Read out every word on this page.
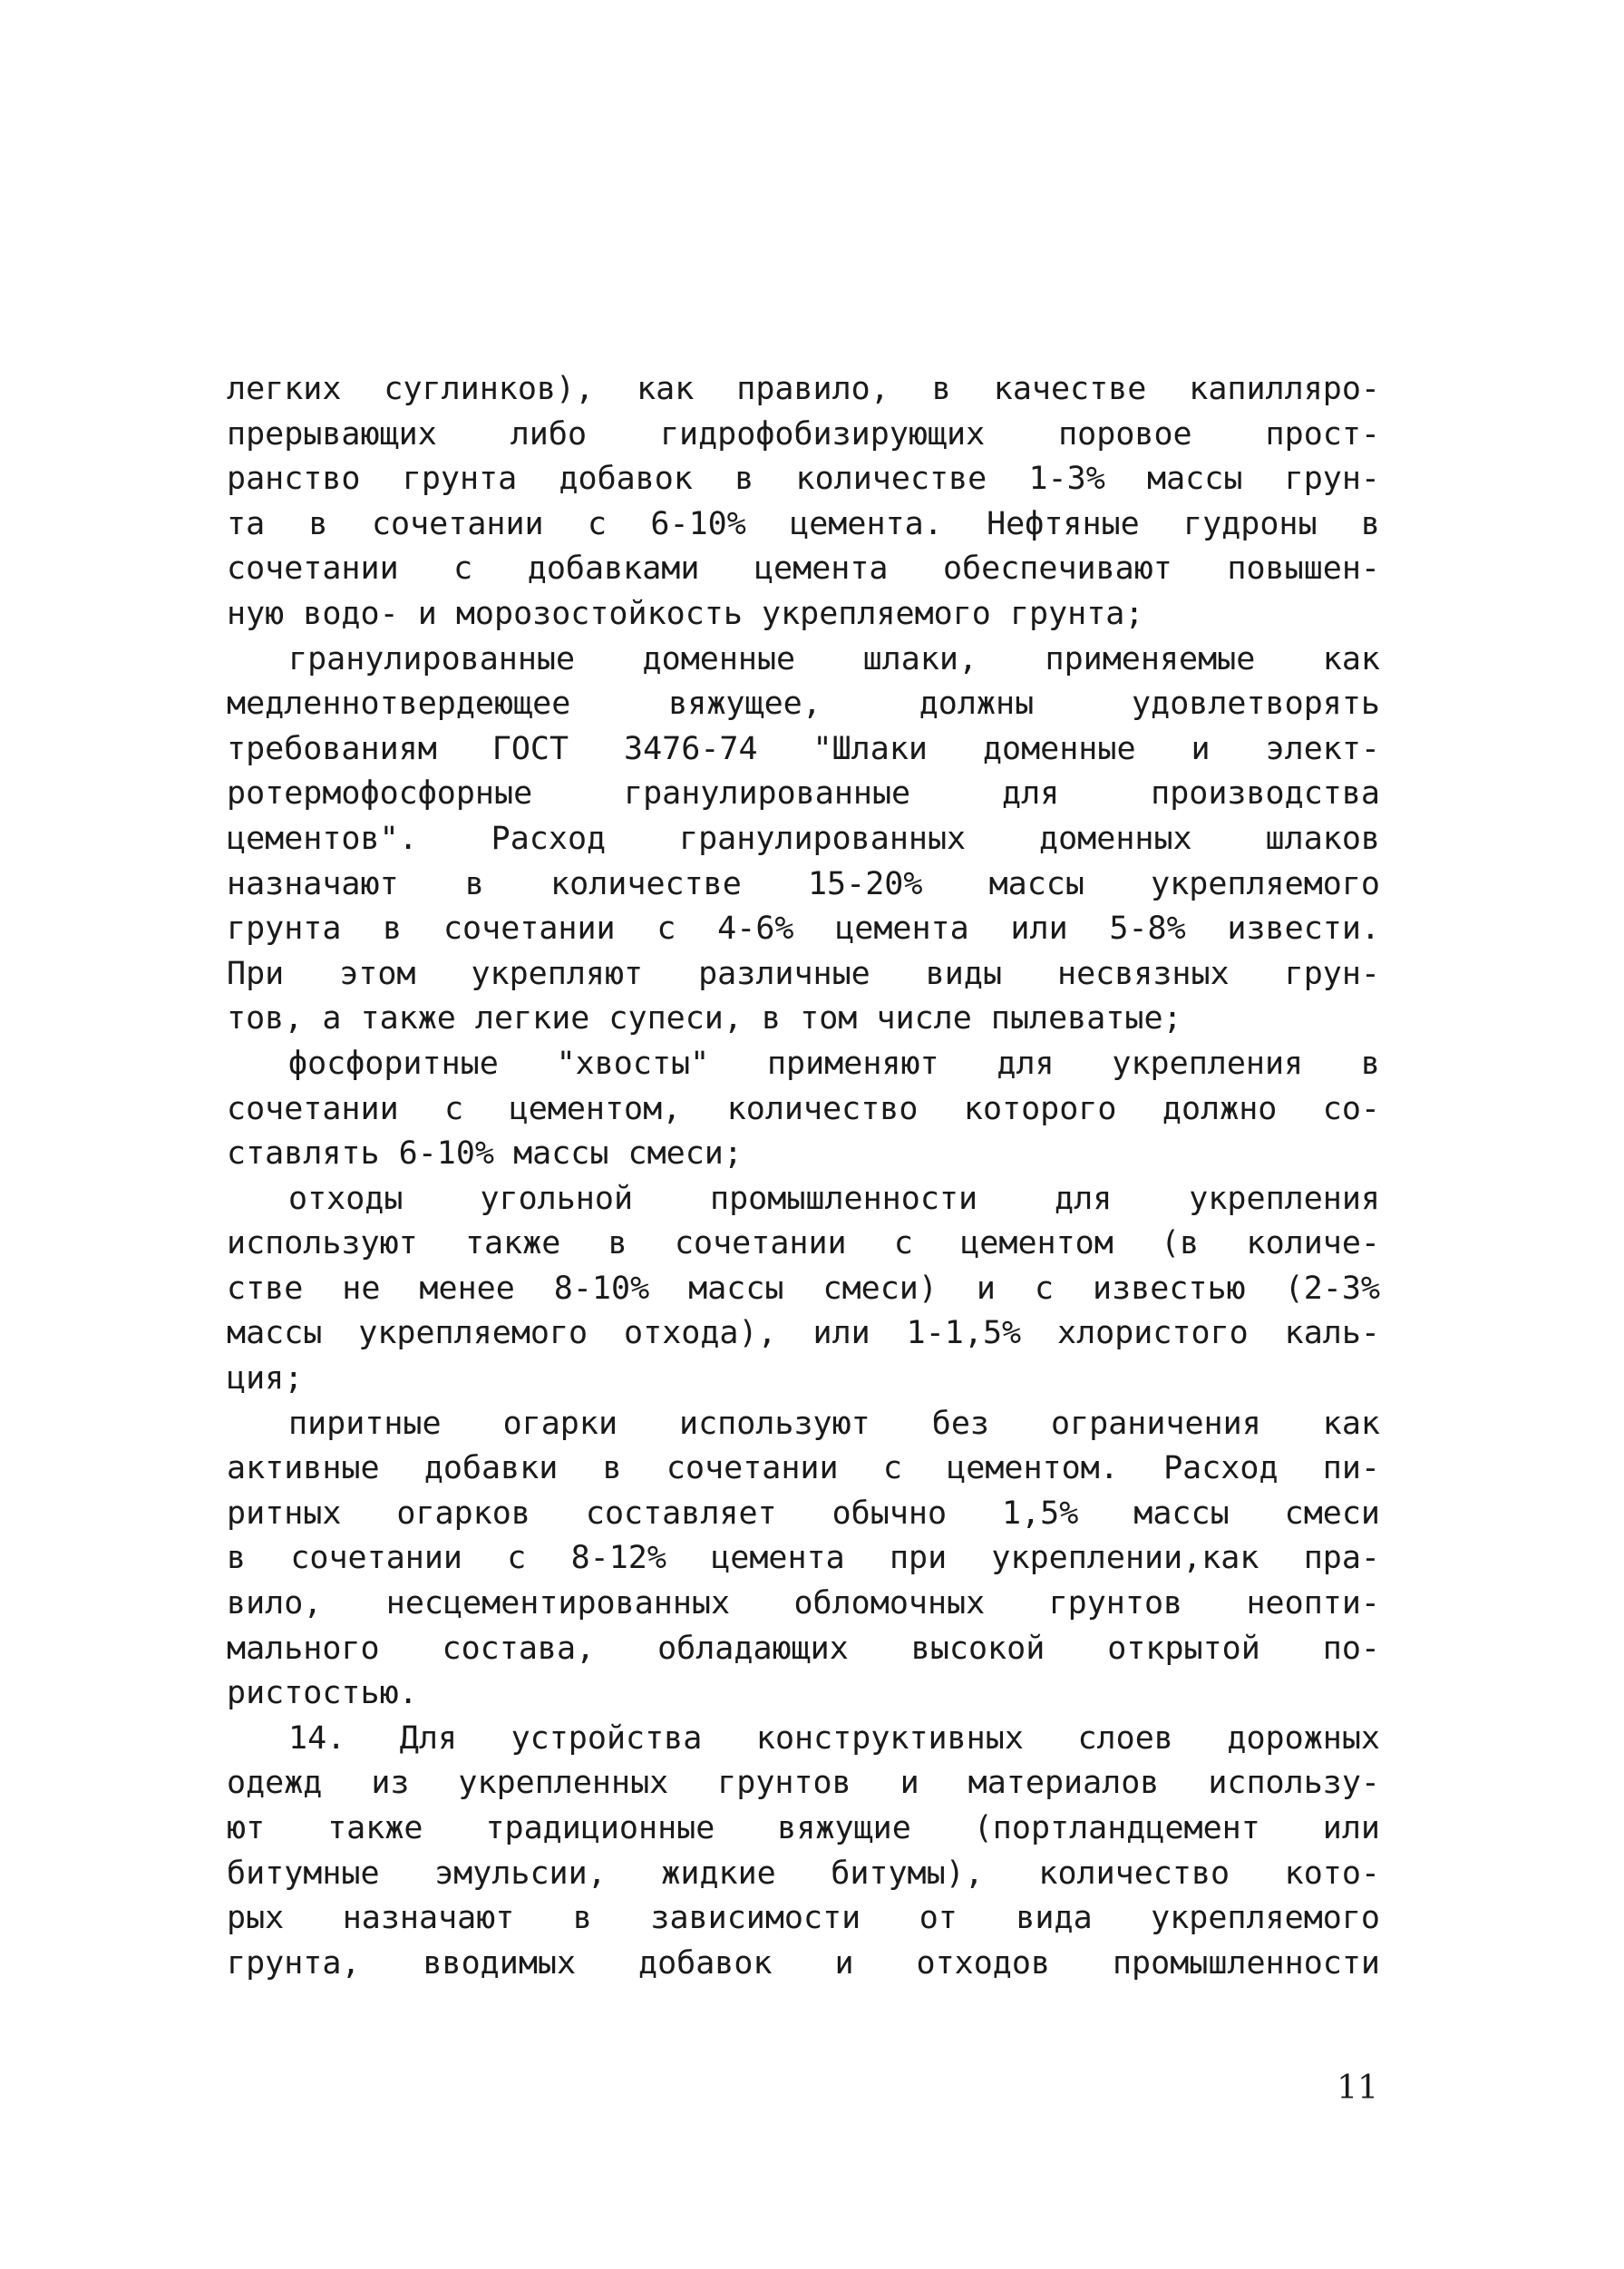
легких суглинков), как правило, в качестве капилляро-
прерывающих либо гидрофобизирующих поровое прост-
ранство грунта добавок в количестве 1-3% массы грун-
та в сочетании с 6-10% цемента. Нефтяные гудроны в
сочетании с добавками цемента обеспечивают повышен-
ную водо- и морозостойкость укрепляемого грунта;
гранулированные доменные шлаки, применяемые как
медленнотвердеющее вяжущее, должны удовлетворять
требованиям ГОСТ 3476-74 "Шлаки доменные и элект-
ротермофосфорные гранулированные для производства
цементов". Расход гранулированных доменных шлаков
назначают в количестве 15-20% массы укрепляемого
грунта в сочетании с 4-6% цемента или 5-8% извести.
При этом укрепляют различные виды несвязных грун-
тов, а также легкие супеси, в том числе пылеватые;
фосфоритные "хвосты" применяют для укрепления в
сочетании с цементом, количество которого должно со-
ставлять 6-10% массы смеси;
отходы угольной промышленности для укрепления
используют также в сочетании с цементом (в количе-
стве не менее 8-10% массы смеси) и с известью (2-3%
массы укрепляемого отхода), или 1-1,5% хлористого каль-
ция;
пиритные огарки используют без ограничения как
активные добавки в сочетании с цементом. Расход пи-
ритных огарков составляет обычно 1,5% массы смеси
в сочетании с 8-12% цемента при укреплении,как пра-
вило, несцементированных обломочных грунтов неопти-
мального состава, обладающих высокой открытой по-
ристостью.
14. Для устройства конструктивных слоев дорожных
одежд из укрепленных грунтов и материалов использу-
ют также традиционные вяжущие (портландцемент или
битумные эмульсии, жидкие битумы), количество кото-
рых назначают в зависимости от вида укрепляемого
грунта, вводимых добавок и отходов промышленности
11
